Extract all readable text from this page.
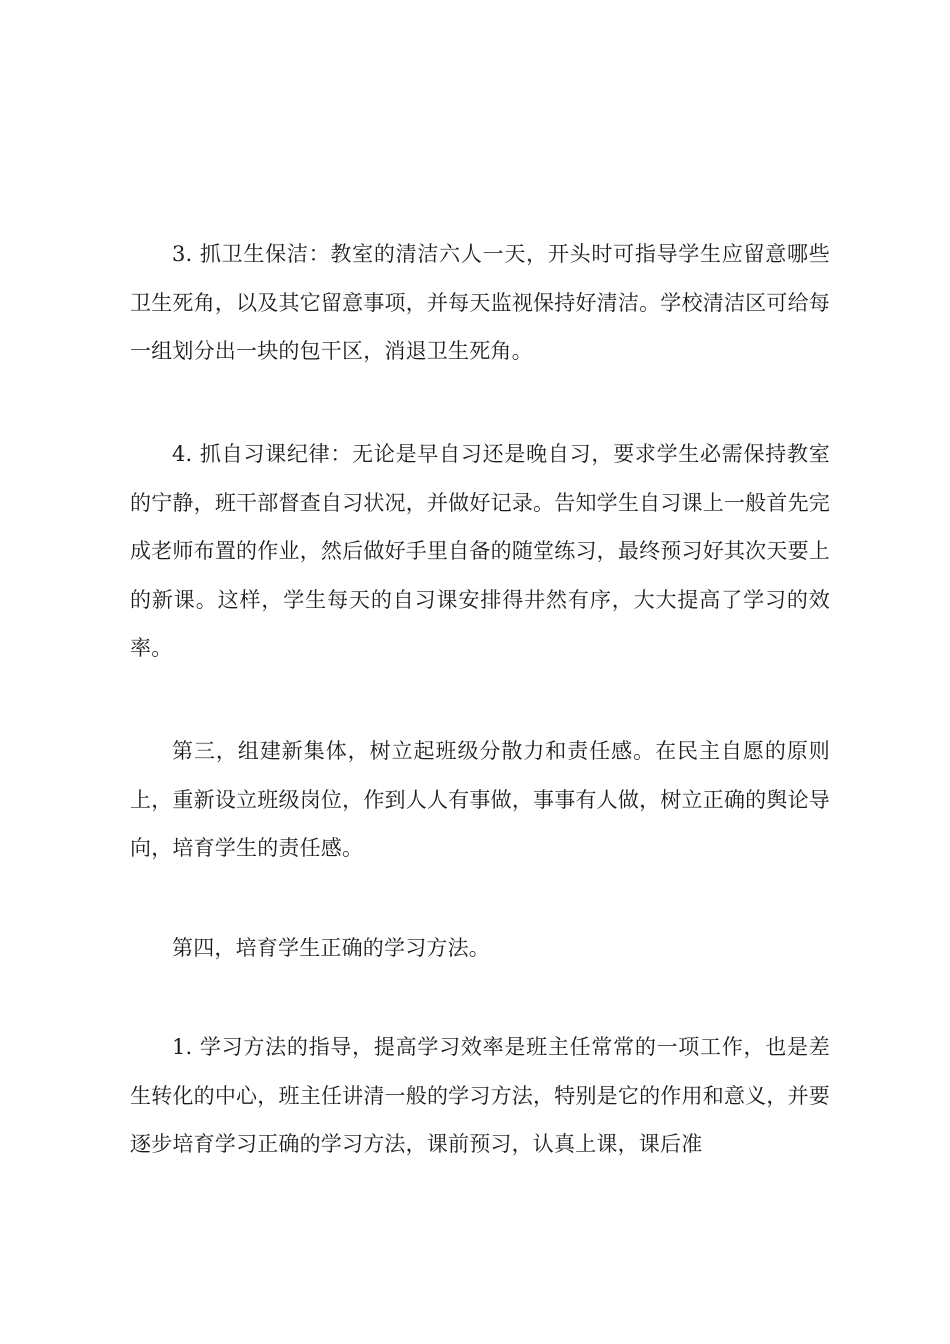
3. 抓卫生保洁：教室的清洁六人一天，开头时可指导学生应留意哪些卫生死角，以及其它留意事项，并每天监视保持好清洁。学校清洁区可给每一组划分出一块的包干区，消退卫生死角。

4. 抓自习课纪律：无论是早自习还是晚自习，要求学生必需保持教室的宁静，班干部督查自习状况，并做好记录。告知学生自习课上一般首先完成老师布置的作业，然后做好手里自备的随堂练习，最终预习好其次天要上的新课。这样，学生每天的自习课安排得井然有序，大大提高了学习的效率。

第三，组建新集体，树立起班级分散力和责任感。在民主自愿的原则上，重新设立班级岗位，作到人人有事做，事事有人做，树立正确的舆论导向，培育学生的责任感。

第四，培育学生正确的学习方法。

1. 学习方法的指导，提高学习效率是班主任常常的一项工作，也是差生转化的中心，班主任讲清一般的学习方法，特别是它的作用和意义，并要逐步培育学习正确的学习方法，课前预习，认真上课，课后准
